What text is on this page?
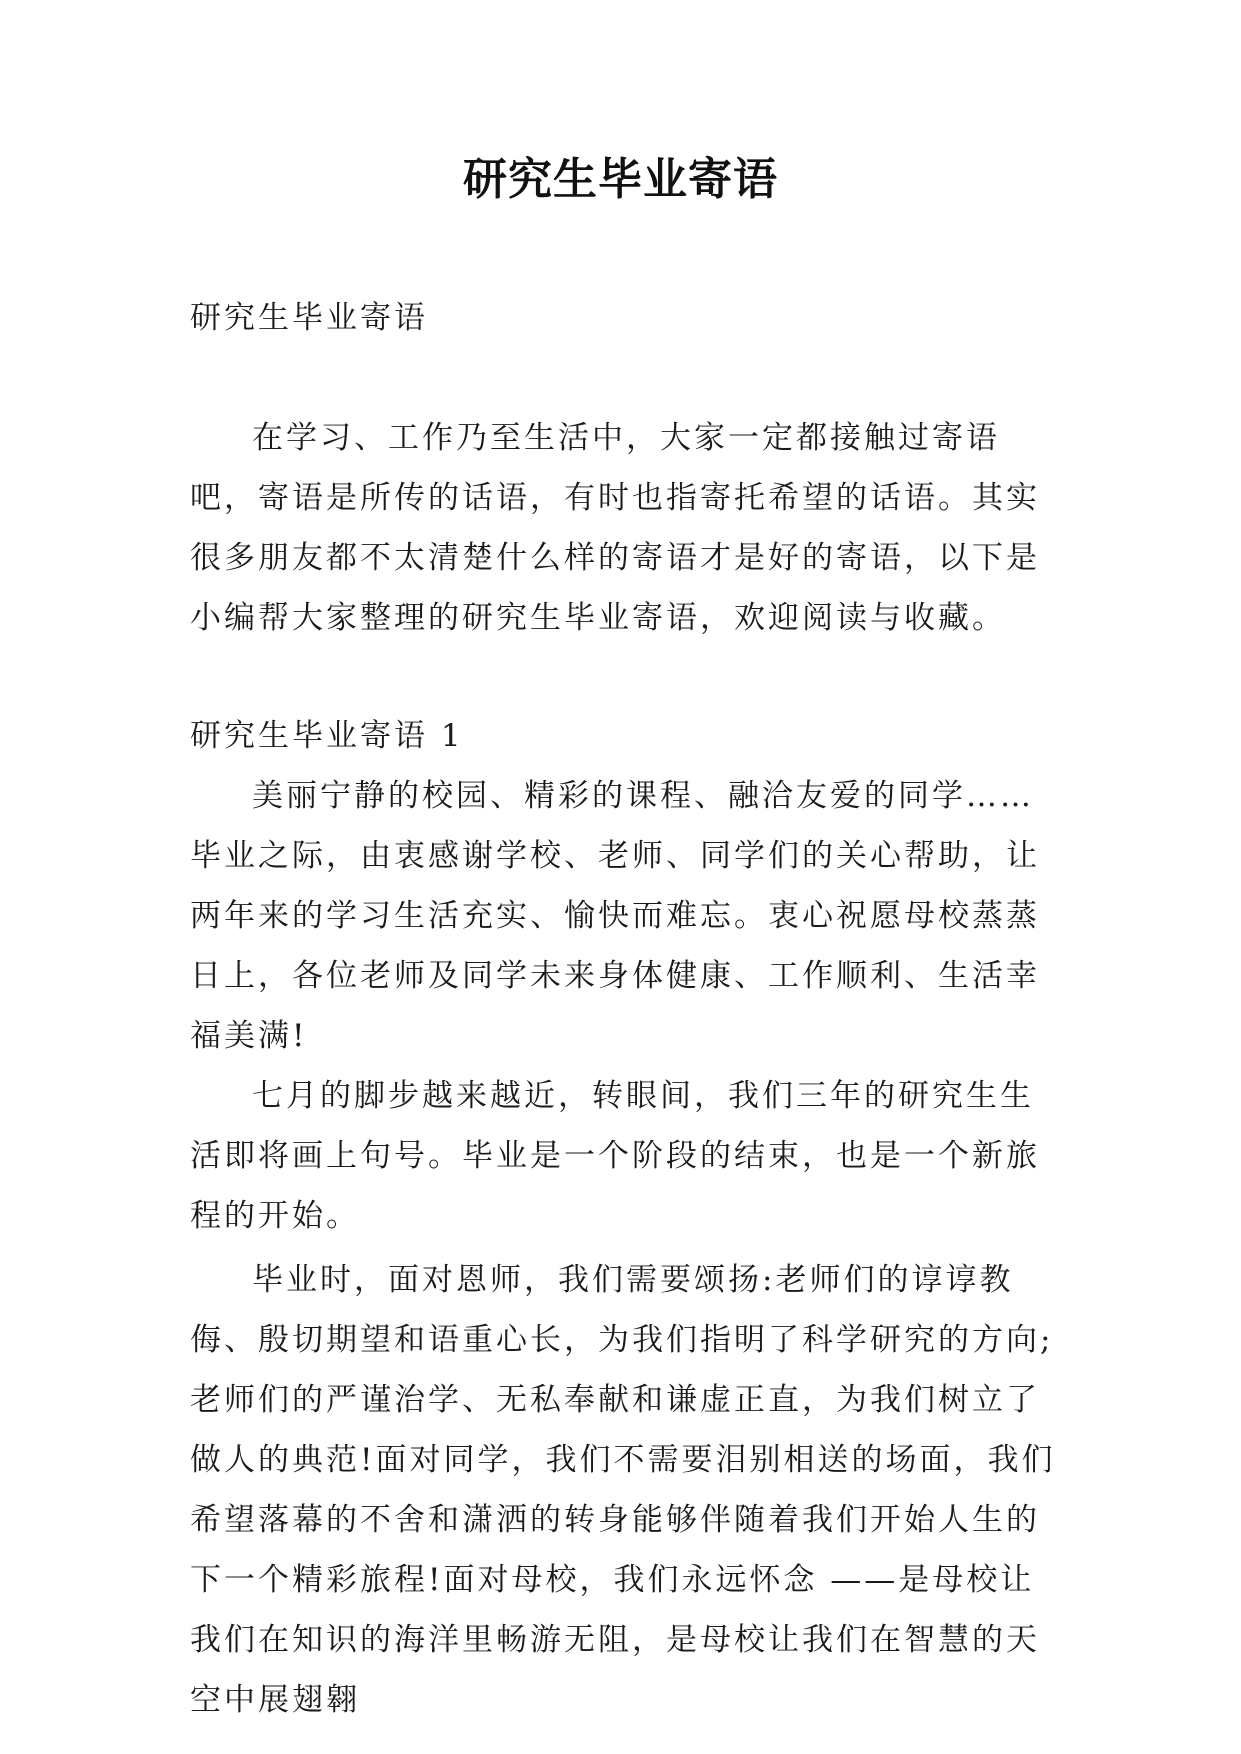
研究生毕业寄语

研究生毕业寄语

在学习、工作乃至生活中，大家一定都接触过寄语吧，寄语是所传的话语，有时也指寄托希望的话语。其实很多朋友都不太清楚什么样的寄语才是好的寄语，以下是小编帮大家整理的研究生毕业寄语，欢迎阅读与收藏。

研究生毕业寄语 1

美丽宁静的校园、精彩的课程、融洽友爱的同学……毕业之际，由衷感谢学校、老师、同学们的关心帮助，让两年来的学习生活充实、愉快而难忘。衷心祝愿母校蒸蒸日上，各位老师及同学未来身体健康、工作顺利、生活幸福美满!

七月的脚步越来越近，转眼间，我们三年的研究生生活即将画上句号。毕业是一个阶段的结束，也是一个新旅程的开始。

毕业时，面对恩师，我们需要颂扬:老师们的谆谆教侮、殷切期望和语重心长，为我们指明了科学研究的方向;老师们的严谨治学、无私奉献和谦虚正直，为我们树立了做人的典范!面对同学，我们不需要泪别相送的场面，我们希望落幕的不舍和潇洒的转身能够伴随着我们开始人生的下一个精彩旅程!面对母校，我们永远怀念 ——是母校让我们在知识的海洋里畅游无阻，是母校让我们在智慧的天空中展翅翱
